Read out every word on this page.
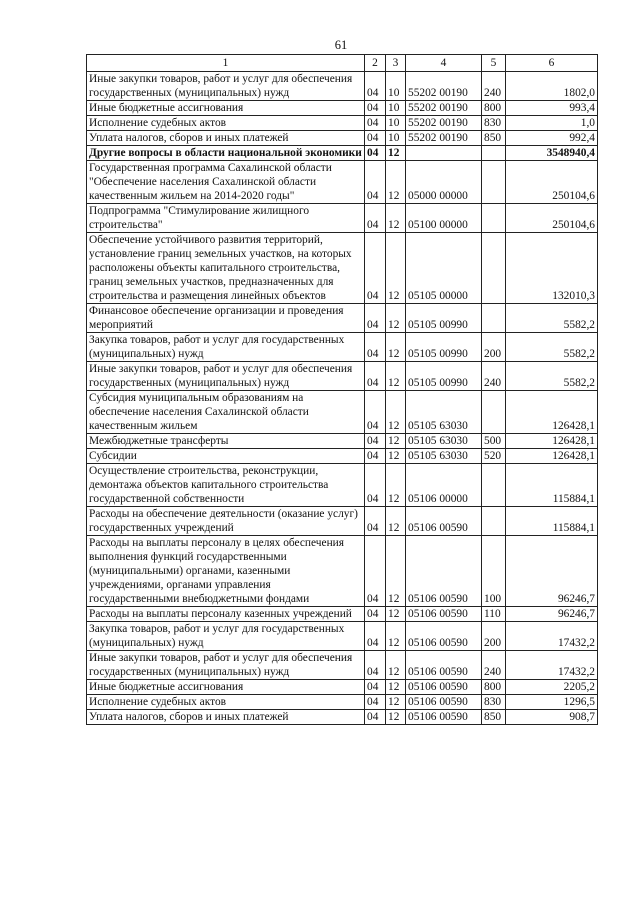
61
1	2	3	4	5	6
Иные закупки товаров, работ и услуг для обеспечения государственных (муниципальных) нужд	04	10	55202 00190	240	1802,0
Иные бюджетные ассигнования	04	10	55202 00190	800	993,4
Исполнение судебных актов	04	10	55202 00190	830	1,0
Уплата налогов, сборов и иных платежей	04	10	55202 00190	850	992,4
Другие вопросы в области национальной экономики	04	12			3548940,4
Государственная программа Сахалинской области "Обеспечение населения Сахалинской области качественным жильем на 2014-2020 годы"	04	12	05000 00000		250104,6
Подпрограмма "Стимулирование жилищного строительства"	04	12	05100 00000		250104,6
Обеспечение устойчивого развития территорий, установление границ земельных участков, на которых расположены объекты капитального строительства, границ земельных участков, предназначенных для строительства и размещения линейных объектов	04	12	05105 00000		132010,3
Финансовое обеспечение организации и проведения мероприятий	04	12	05105 00990		5582,2
Закупка товаров, работ и услуг для государственных (муниципальных) нужд	04	12	05105 00990	200	5582,2
Иные закупки товаров, работ и услуг для обеспечения государственных (муниципальных) нужд	04	12	05105 00990	240	5582,2
Субсидия муниципальным образованиям на обеспечение населения Сахалинской области качественным жильем	04	12	05105 63030		126428,1
Межбюджетные трансферты	04	12	05105 63030	500	126428,1
Субсидии	04	12	05105 63030	520	126428,1
Осуществление строительства, реконструкции, демонтажа объектов капитального строительства государственной собственности	04	12	05106 00000		115884,1
Расходы на обеспечение деятельности (оказание услуг) государственных учреждений	04	12	05106 00590		115884,1
Расходы на выплаты персоналу в целях обеспечения выполнения функций государственными (муниципальными) органами, казенными учреждениями, органами управления государственными внебюджетными фондами	04	12	05106 00590	100	96246,7
Расходы на выплаты персоналу казенных учреждений	04	12	05106 00590	110	96246,7
Закупка товаров, работ и услуг для государственных (муниципальных) нужд	04	12	05106 00590	200	17432,2
Иные закупки товаров, работ и услуг для обеспечения государственных (муниципальных) нужд	04	12	05106 00590	240	17432,2
Иные бюджетные ассигнования	04	12	05106 00590	800	2205,2
Исполнение судебных актов	04	12	05106 00590	830	1296,5
Уплата налогов, сборов и иных платежей	04	12	05106 00590	850	908,7
